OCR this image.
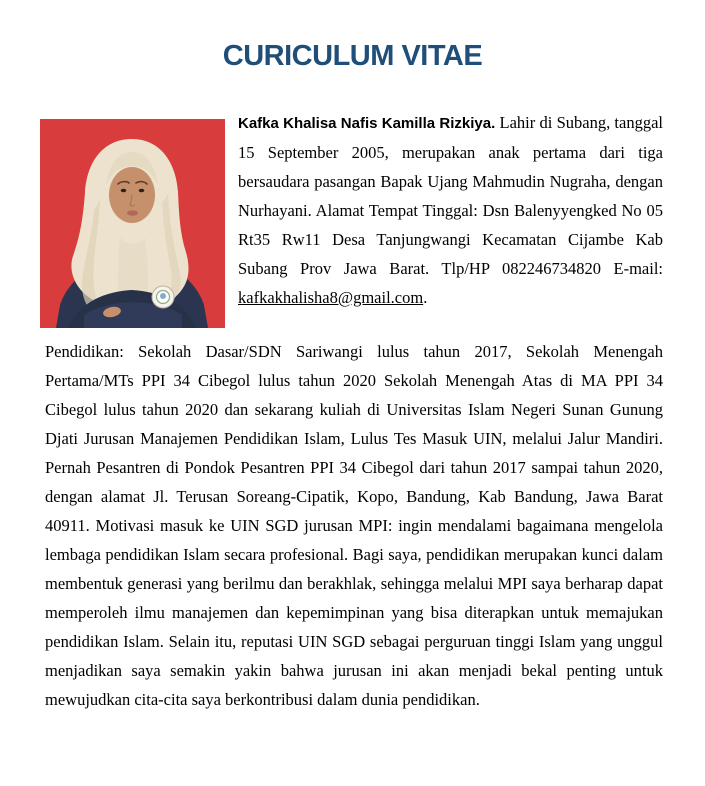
CURICULUM VITAE

Kafka Khalisa Nafis Kamilla Rizkiya. Lahir di Subang, tanggal 15 September 2005, merupakan anak pertama dari tiga bersaudara pasangan Bapak Ujang Mahmudin Nugraha, dengan Nurhayani. Alamat Tempat Tinggal: Dsn Balenyyengked No 05 Rt35 Rw11 Desa Tanjungwangi Kecamatan Cijambe Kab Subang Prov Jawa Barat. Tlp/HP 082246734820 E-mail: kafkakhalisha8@gmail.com.

Pendidikan: Sekolah Dasar/SDN Sariwangi lulus tahun 2017, Sekolah Menengah Pertama/MTs PPI 34 Cibegol lulus tahun 2020 Sekolah Menengah Atas di MA PPI 34 Cibegol lulus tahun 2020 dan sekarang kuliah di Universitas Islam Negeri Sunan Gunung Djati Jurusan Manajemen Pendidikan Islam, Lulus Tes Masuk UIN, melalui Jalur Mandiri. Pernah Pesantren di Pondok Pesantren PPI 34 Cibegol dari tahun 2017 sampai tahun 2020, dengan alamat Jl. Terusan Soreang-Cipatik, Kopo, Bandung, Kab Bandung, Jawa Barat 40911. Motivasi masuk ke UIN SGD jurusan MPI: ingin mendalami bagaimana mengelola lembaga pendidikan Islam secara profesional. Bagi saya, pendidikan merupakan kunci dalam membentuk generasi yang berilmu dan berakhlak, sehingga melalui MPI saya berharap dapat memperoleh ilmu manajemen dan kepemimpinan yang bisa diterapkan untuk memajukan pendidikan Islam. Selain itu, reputasi UIN SGD sebagai perguruan tinggi Islam yang unggul menjadikan saya semakin yakin bahwa jurusan ini akan menjadi bekal penting untuk mewujudkan cita-cita saya berkontribusi dalam dunia pendidikan.
